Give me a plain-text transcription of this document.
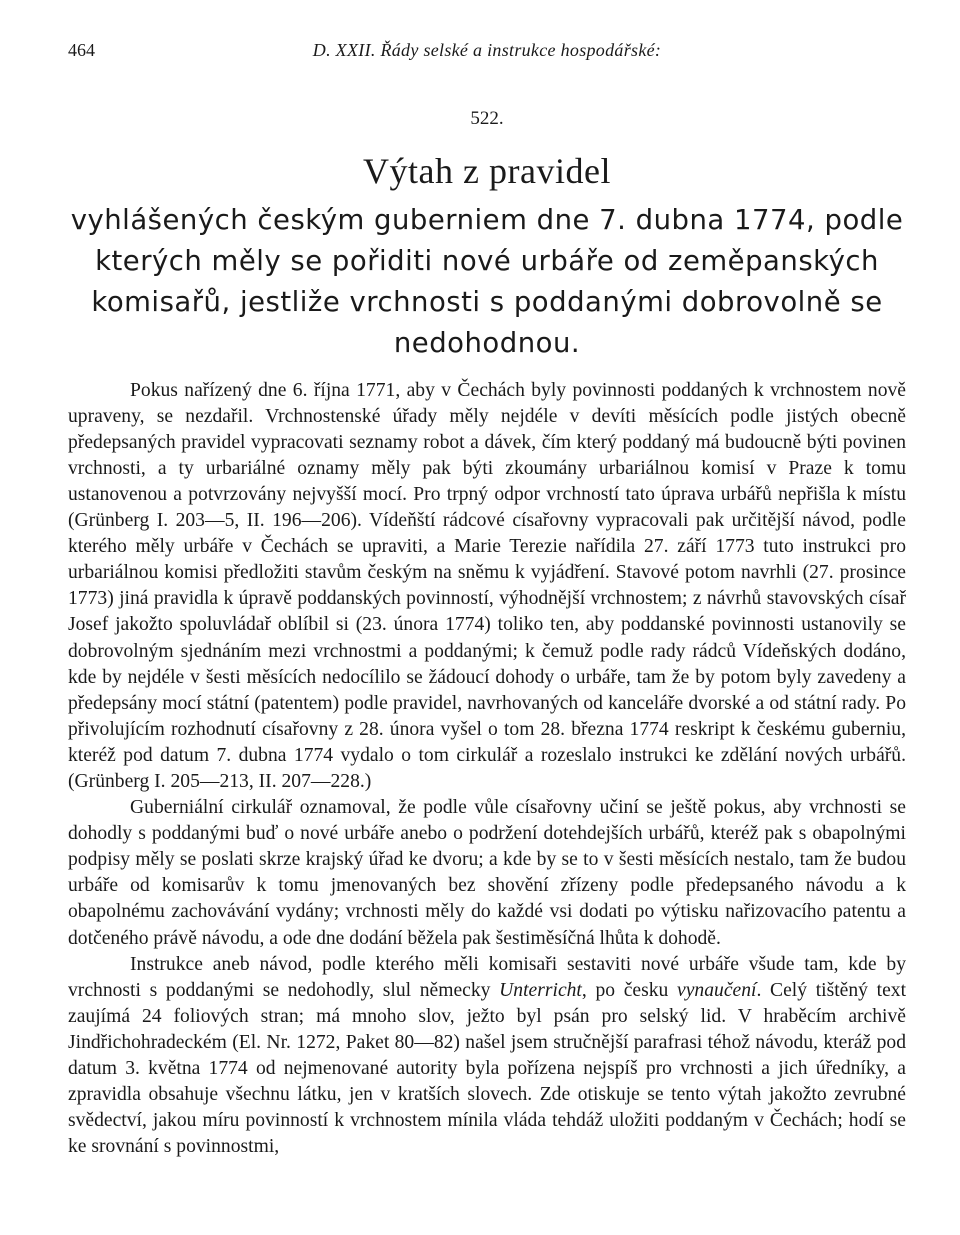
464	D. XXII. Řády selské a instrukce hospodářské:
522.
Výtah z pravidel
vyhlášených českým guberniem dne 7. dubna 1774, podle kterých měly se pořiditi nové urbáře od zeměpanských komisařů, jestliže vrchnosti s poddanými dobrovolně se nedohodnou.

Pokus nařízený dne 6. října 1771, aby v Čechách byly povinnosti poddaných k vrchnostem nově upraveny, se nezdařil. Vrchnostenské úřady měly nejdéle v devíti měsících podle jistých obecně předepsaných pravidel vypracovati seznamy robot a dávek, čím který poddaný má budoucně býti povinen vrchnosti, a ty urbariálné oznamy měly pak býti zkoumány urbariálnou komisí v Praze k tomu ustanovenou a potvrzovány nejvyšší mocí. Pro trpný odpor vrchností tato úprava urbářů nepřišla k místu (Grünberg I. 203—5, II. 196—206). Vídeňští rádcové císařovny vypracovali pak určitější návod, podle kterého měly urbáře v Čechách se upraviti, a Marie Terezie nařídila 27. září 1773 tuto instrukci pro urbariálnou komisi předložiti stavům českým na sněmu k vyjádření. Stavové potom navrhli (27. prosince 1773) jiná pravidla k úpravě poddanských povinností, výhodnější vrchnostem; z návrhů stavovských císař Josef jakožto spoluvládař oblíbil si (23. února 1774) toliko ten, aby poddanské povinnosti ustanovily se dobrovolným sjednáním mezi vrchnostmi a poddanými; k čemuž podle rady rádců Vídeňských dodáno, kde by nejdéle v šesti měsících nedocílilo se žádoucí dohody o urbáře, tam že by potom byly zavedeny a předepsány mocí státní (patentem) podle pravidel, navrhovaných od kanceláře dvorské a od státní rady. Po přivolujícím rozhodnutí císařovny z 28. února vyšel o tom 28. března 1774 reskript k českému guberniu, kteréž pod datum 7. dubna 1774 vydalo o tom cirkulář a rozeslalo instrukci ke zdělání nových urbářů. (Grünberg I. 205—213, II. 207—228.)

Guberniální cirkulář oznamoval, že podle vůle císařovny učiní se ještě pokus, aby vrchnosti se dohodly s poddanými buď o nové urbáře anebo o podržení dotehdejších urbářů, kteréž pak s obapolnými podpisy měly se poslati skrze krajský úřad ke dvoru; a kde by se to v šesti měsících nestalo, tam že budou urbáře od komisarův k tomu jmenovaných bez shovění zřízeny podle předepsaného návodu a k obapolnému zachovávání vydány; vrchnosti měly do každé vsi dodati po výtisku nařizovacího patentu a dotčeného právě návodu, a ode dne dodání běžela pak šestiměsíčná lhůta k dohodě.

Instrukce aneb návod, podle kterého měli komisaři sestaviti nové urbáře všude tam, kde by vrchnosti s poddanými se nedohodly, slul německy Unterricht, po česku vynaučení. Celý tištěný text zaujímá 24 foliových stran; má mnoho slov, ježto byl psán pro selský lid. V hraběcím archivě Jindřichohradeckém (El. Nr. 1272, Paket 80—82) našel jsem stručnější parafrasi téhož návodu, kteráž pod datum 3. května 1774 od nejmenované autority byla pořízena nejspíš pro vrchnosti a jich úředníky, a zpravidla obsahuje všechnu látku, jen v kratších slovech. Zde otiskuje se tento výtah jakožto zevrubné svědectví, jakou míru povinností k vrchnostem mínila vláda tehdáž uložiti poddaným v Čechách; hodí se ke srovnání s povinnostmi,
